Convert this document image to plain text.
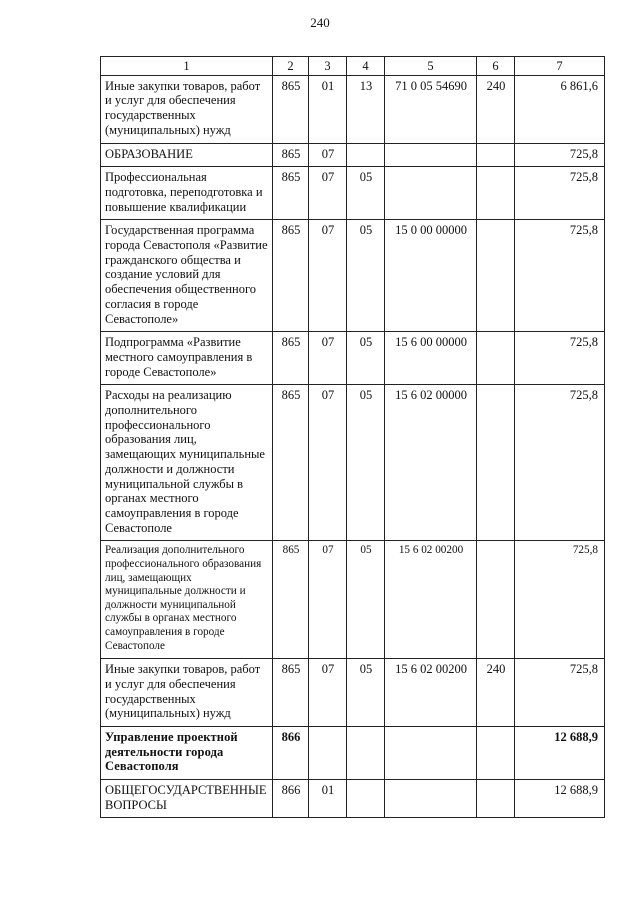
240
1	2	3	4	5	6	7
Иные закупки товаров, работ и услуг для обеспечения государственных (муниципальных) нужд	865	01	13	71 0 05 54690	240	6 861,6
ОБРАЗОВАНИЕ	865	07				725,8
Профессиональная подготовка, переподготовка и повышение квалификации	865	07	05			725,8
Государственная программа города Севастополя «Развитие гражданского общества и создание условий для обеспечения общественного согласия в городе Севастополе»	865	07	05	15 0 00 00000		725,8
Подпрограмма «Развитие местного самоуправления в городе Севастополе»	865	07	05	15 6 00 00000		725,8
Расходы на реализацию дополнительного профессионального образования лиц, замещающих муниципальные должности и должности муниципальной службы в органах местного самоуправления в городе Севастополе	865	07	05	15 6 02 00000		725,8
Реализация дополнительного профессионального образования лиц, замещающих муниципальные должности и должности муниципальной службы в органах местного самоуправления в городе Севастополе	865	07	05	15 6 02 00200		725,8
Иные закупки товаров, работ и услуг для обеспечения государственных (муниципальных) нужд	865	07	05	15 6 02 00200	240	725,8
Управление проектной деятельности города Севастополя	866					12 688,9
ОБЩЕГОСУДАРСТВЕННЫЕ ВОПРОСЫ	866	01				12 688,9
